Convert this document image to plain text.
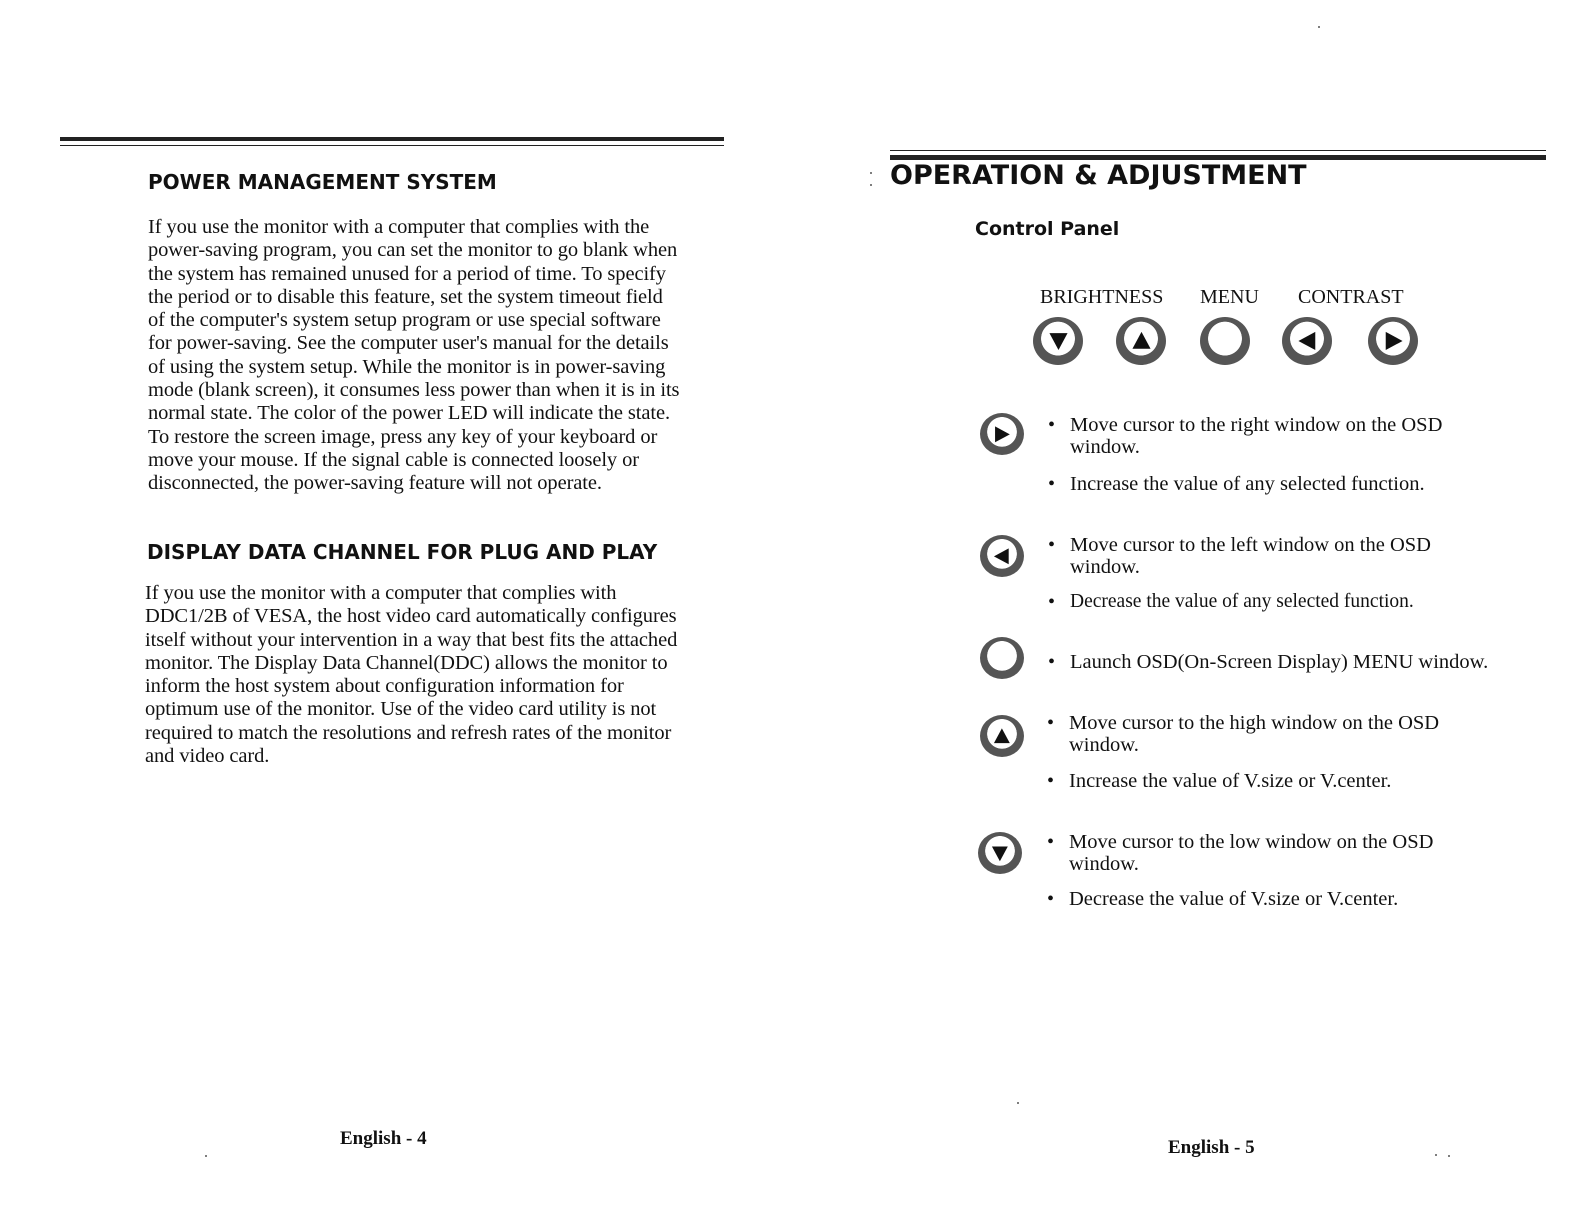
POWER MANAGEMENT SYSTEM

If you use the monitor with a computer that complies with the
power-saving program, you can set the monitor to go blank when
the system has remained unused for a period of time. To specify
the period or to disable this feature, set the system timeout field
of the computer's system setup program or use special software
for power-saving. See the computer user's manual for the details
of using the system setup. While the monitor is in power-saving
mode (blank screen), it consumes less power than when it is in its
normal state. The color of the power LED will indicate the state.
To restore the screen image, press any key of your keyboard or
move your mouse. If the signal cable is connected loosely or
disconnected, the power-saving feature will not operate.

DISPLAY DATA CHANNEL FOR PLUG AND PLAY

If you use the monitor with a computer that complies with
DDC1/2B of VESA, the host video card automatically configures
itself without your intervention in a way that best fits the attached
monitor. The Display Data Channel(DDC) allows the monitor to
inform the host system about configuration information for
optimum use of the monitor. Use of the video card utility is not
required to match the resolutions and refresh rates of the monitor
and video card.

English - 4
OPERATION & ADJUSTMENT
Control Panel
BRIGHTNESS MENU CONTRAST
• Move cursor to the right window on the OSD
window.
• Increase the value of any selected function.
• Move cursor to the left window on the OSD
window.
• Decrease the value of any selected function.
• Launch OSD(On-Screen Display) MENU window.
• Move cursor to the high window on the OSD
window.
• Increase the value of V.size or V.center.
• Move cursor to the low window on the OSD
window.
• Decrease the value of V.size or V.center.
English - 5
